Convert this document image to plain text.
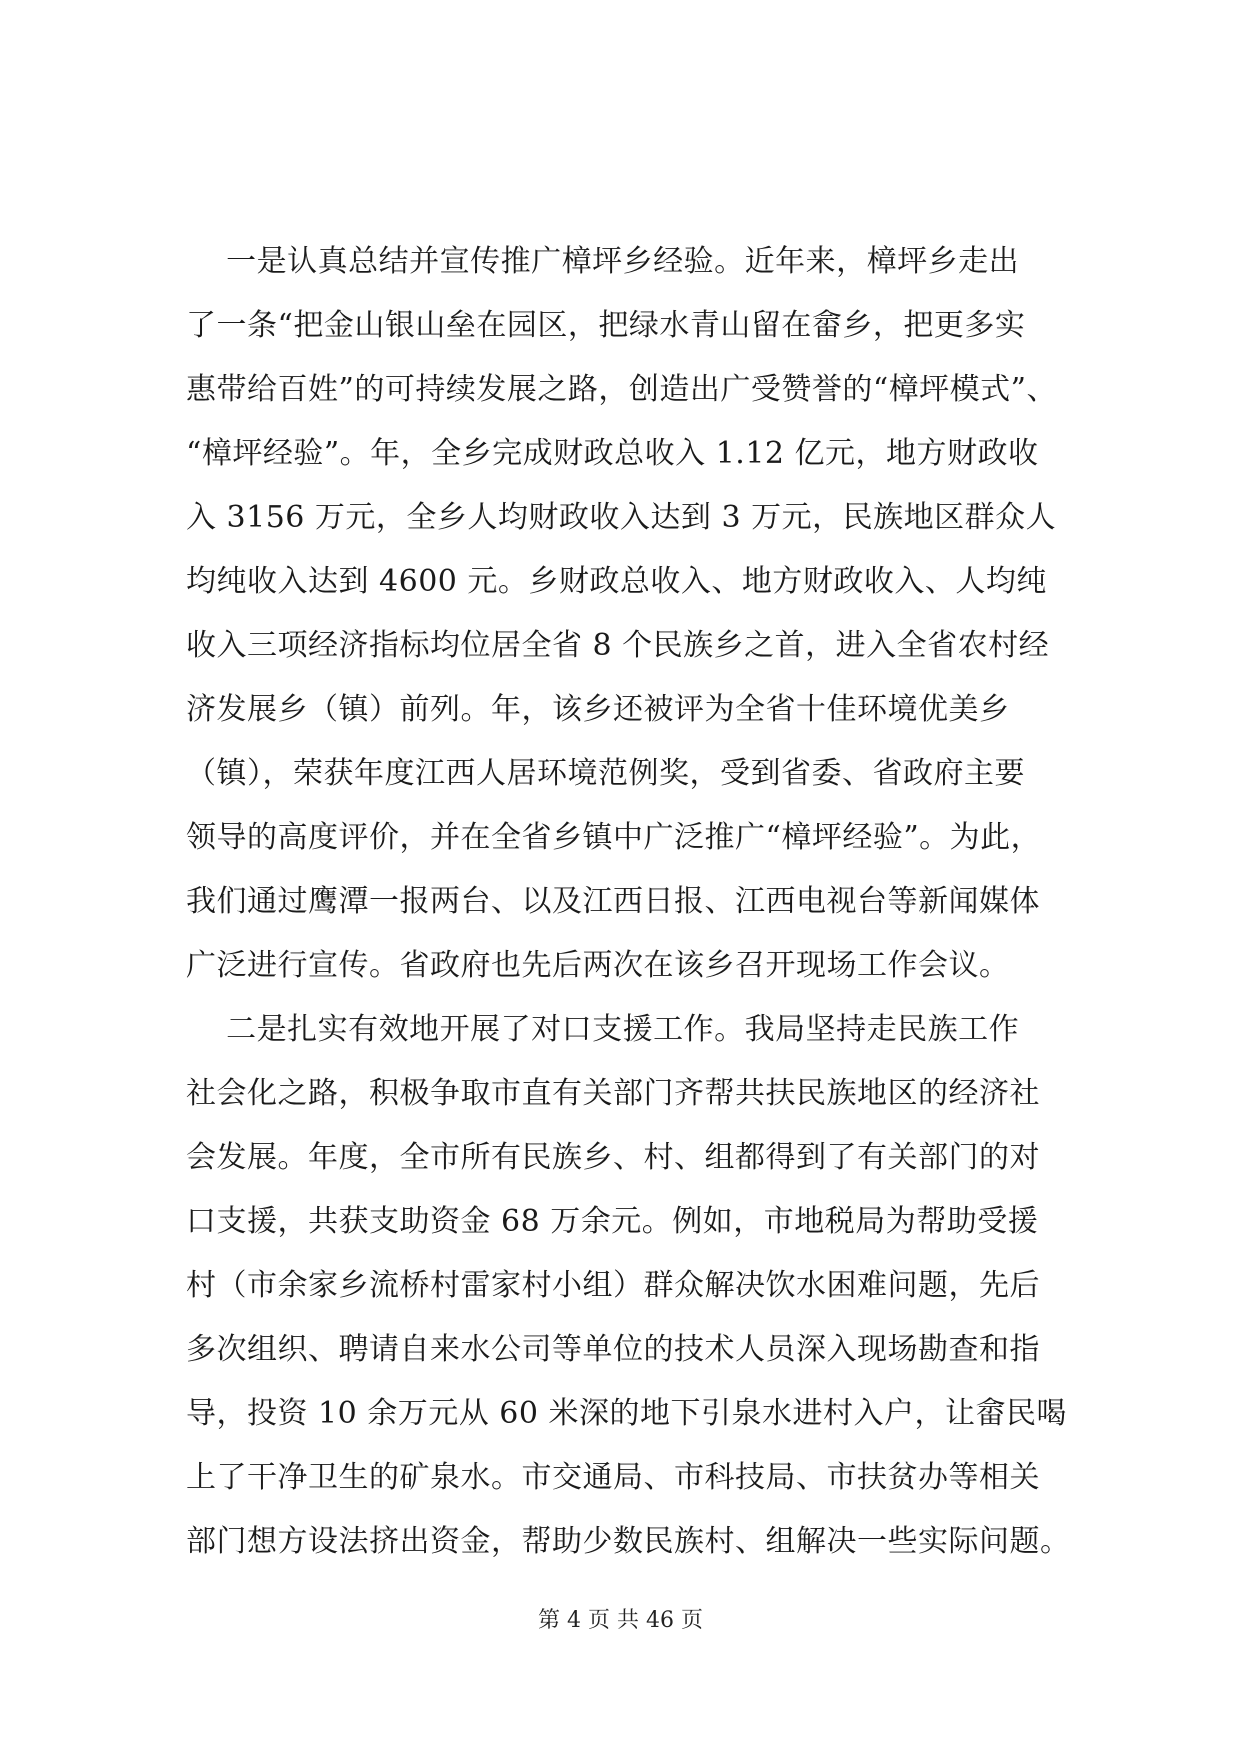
一是认真总结并宣传推广樟坪乡经验。近年来，樟坪乡走出
了一条“把金山银山垒在园区，把绿水青山留在畲乡，把更多实
惠带给百姓”的可持续发展之路，创造出广受赞誉的“樟坪模式”、
“樟坪经验”。年，全乡完成财政总收入 1.12 亿元，地方财政收
入 3156 万元，全乡人均财政收入达到 3 万元，民族地区群众人
均纯收入达到 4600 元。乡财政总收入、地方财政收入、人均纯
收入三项经济指标均位居全省 8 个民族乡之首，进入全省农村经
济发展乡（镇）前列。年，该乡还被评为全省十佳环境优美乡
（镇），荣获年度江西人居环境范例奖，受到省委、省政府主要
领导的高度评价，并在全省乡镇中广泛推广“樟坪经验”。为此，
我们通过鹰潭一报两台、以及江西日报、江西电视台等新闻媒体
广泛进行宣传。省政府也先后两次在该乡召开现场工作会议。
二是扎实有效地开展了对口支援工作。我局坚持走民族工作
社会化之路，积极争取市直有关部门齐帮共扶民族地区的经济社
会发展。年度，全市所有民族乡、村、组都得到了有关部门的对
口支援，共获支助资金 68 万余元。例如，市地税局为帮助受援
村（市余家乡流桥村雷家村小组）群众解决饮水困难问题，先后
多次组织、聘请自来水公司等单位的技术人员深入现场勘查和指
导，投资 10 余万元从 60 米深的地下引泉水进村入户，让畲民喝
上了干净卫生的矿泉水。市交通局、市科技局、市扶贫办等相关
部门想方设法挤出资金，帮助少数民族村、组解决一些实际问题。
第 4 页 共 46 页
